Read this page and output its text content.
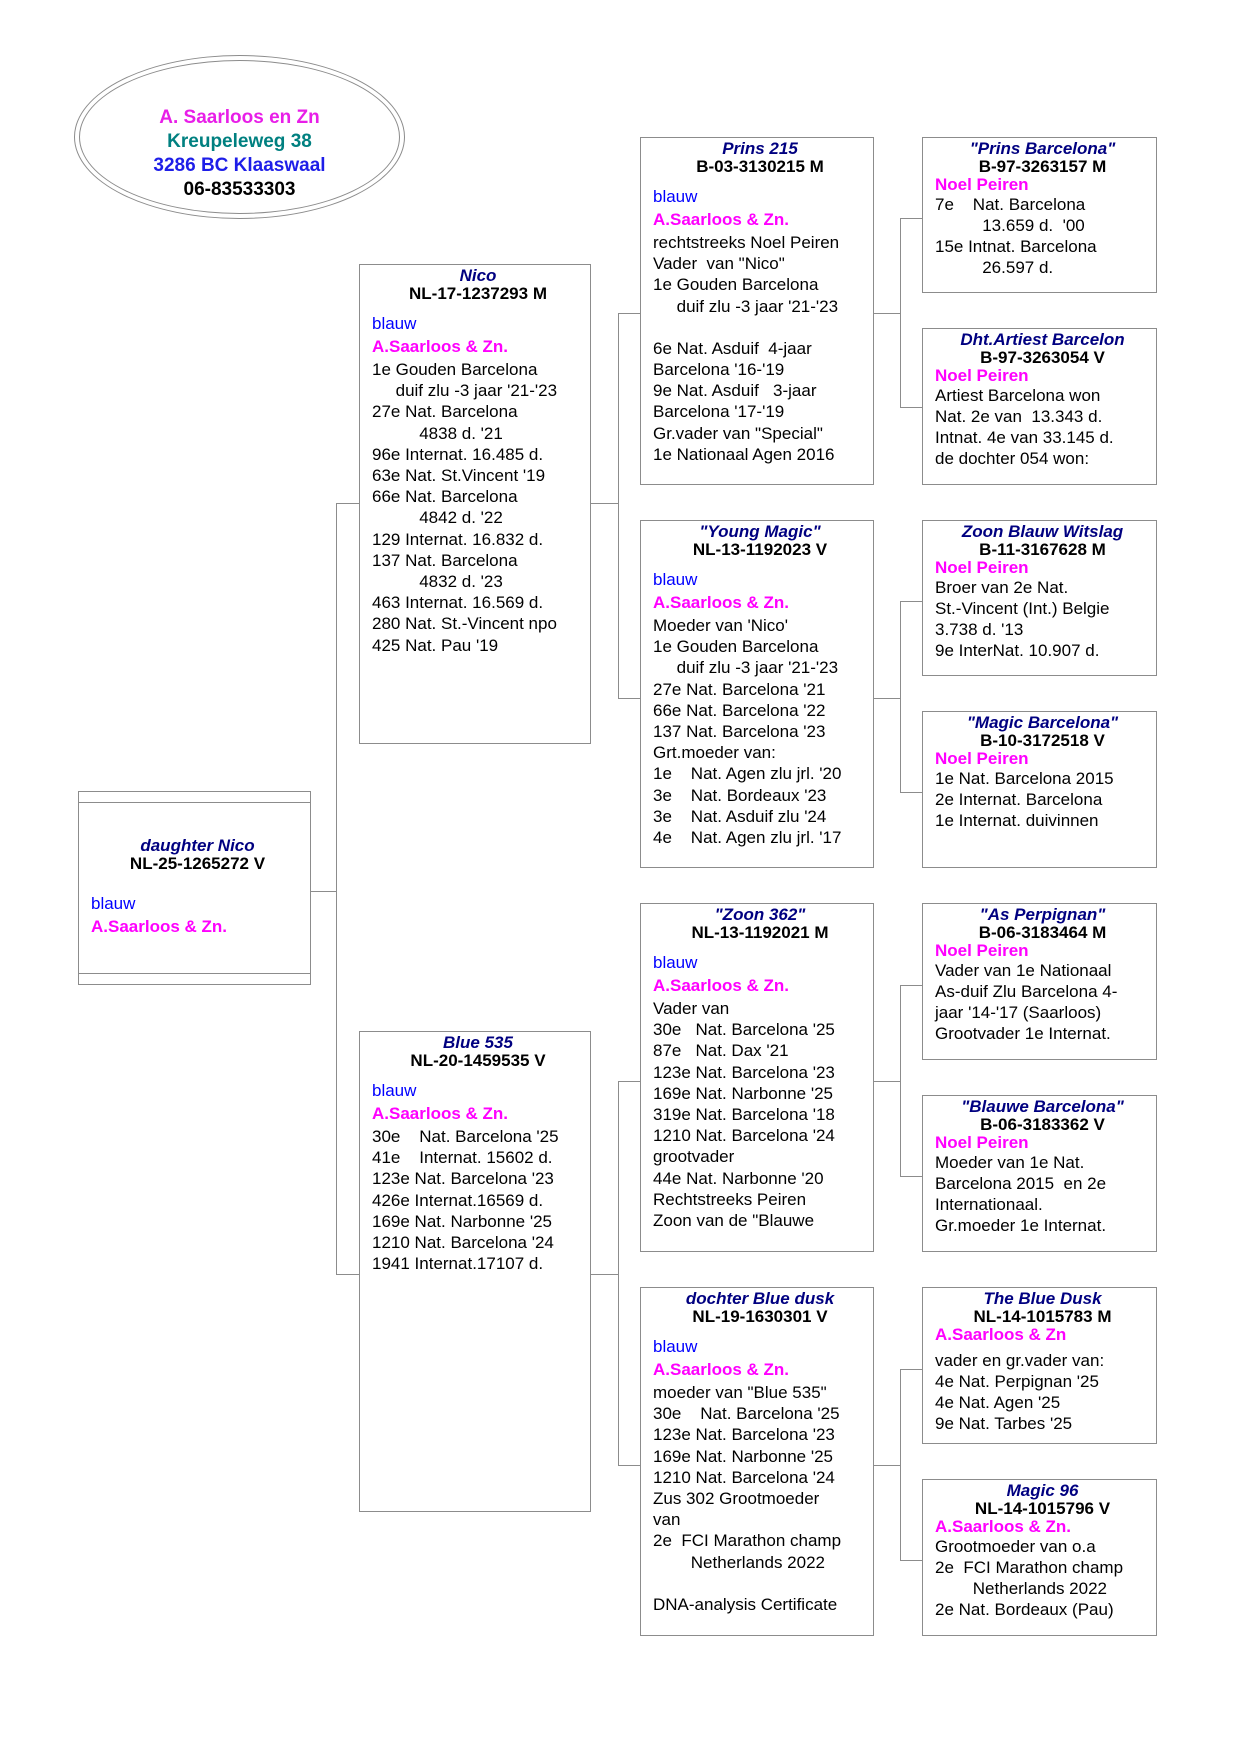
A. Saarloos en Zn
Kreupeleweg 38
3286 BC Klaaswaal
06-83533303
daughter Nico
NL-25-1265272 V
blauw
A.Saarloos & Zn.
Nico
NL-17-1237293 M
blauw
A.Saarloos & Zn.
1e Gouden Barcelona
duif zlu -3 jaar '21-'23
27e Nat. Barcelona
4838 d. '21
96e Internat. 16.485 d.
63e Nat. St.Vincent '19
66e Nat. Barcelona
4842 d. '22
129 Internat. 16.832 d.
137 Nat. Barcelona
4832 d. '23
463 Internat. 16.569 d.
280 Nat. St.-Vincent npo
425 Nat. Pau '19
Blue 535
NL-20-1459535 V
blauw
A.Saarloos & Zn.
30e    Nat. Barcelona '25
41e    Internat. 15602 d.
123e Nat. Barcelona '23
426e Internat.16569 d.
169e Nat. Narbonne '25
1210 Nat. Barcelona '24
1941 Internat.17107 d.
Prins 215
B-03-3130215 M
blauw
A.Saarloos & Zn.
rechtstreeks Noel Peiren
Vader  van "Nico"
1e Gouden Barcelona
duif zlu -3 jaar '21-'23
6e Nat. Asduif  4-jaar
Barcelona '16-'19
9e Nat. Asduif   3-jaar
Barcelona '17-'19
Gr.vader van "Special"
1e Nationaal Agen 2016
"Young Magic"
NL-13-1192023 V
blauw
A.Saarloos & Zn.
Moeder van 'Nico'
1e Gouden Barcelona
duif zlu -3 jaar '21-'23
27e Nat. Barcelona '21
66e Nat. Barcelona '22
137 Nat. Barcelona '23
Grt.moeder van:
1e    Nat. Agen zlu jrl. '20
3e    Nat. Bordeaux '23
3e    Nat. Asduif zlu '24
4e    Nat. Agen zlu jrl. '17
"Zoon 362"
NL-13-1192021 M
blauw
A.Saarloos & Zn.
Vader van
30e   Nat. Barcelona '25
87e   Nat. Dax '21
123e Nat. Barcelona '23
169e Nat. Narbonne '25
319e Nat. Barcelona '18
1210 Nat. Barcelona '24
grootvader
44e Nat. Narbonne '20
Rechtstreeks Peiren
Zoon van de "Blauwe
dochter Blue dusk
NL-19-1630301 V
blauw
A.Saarloos & Zn.
moeder van "Blue 535"
30e    Nat. Barcelona '25
123e Nat. Barcelona '23
169e Nat. Narbonne '25
1210 Nat. Barcelona '24
Zus 302 Grootmoeder
van
2e  FCI Marathon champ
Netherlands 2022
DNA-analysis Certificate
"Prins Barcelona"
B-97-3263157 M
Noel Peiren
7e    Nat. Barcelona
13.659 d.  '00
15e Intnat. Barcelona
26.597 d.
Dht.Artiest Barcelon
B-97-3263054 V
Noel Peiren
Artiest Barcelona won
Nat. 2e van  13.343 d.
Intnat. 4e van 33.145 d.
de dochter 054 won:
Zoon Blauw Witslag
B-11-3167628 M
Noel Peiren
Broer van 2e Nat.
St.-Vincent (Int.) Belgie
3.738 d. '13
9e InterNat. 10.907 d.
"Magic Barcelona"
B-10-3172518 V
Noel Peiren
1e Nat. Barcelona 2015
2e Internat. Barcelona
1e Internat. duivinnen
"As Perpignan"
B-06-3183464 M
Noel Peiren
Vader van 1e Nationaal
As-duif Zlu Barcelona 4-
jaar '14-'17 (Saarloos)
Grootvader 1e Internat.
"Blauwe Barcelona"
B-06-3183362 V
Noel Peiren
Moeder van 1e Nat.
Barcelona 2015  en 2e
Internationaal.
Gr.moeder 1e Internat.
The Blue Dusk
NL-14-1015783 M
A.Saarloos & Zn
vader en gr.vader van:
4e Nat. Perpignan '25
4e Nat. Agen '25
9e Nat. Tarbes '25
Magic 96
NL-14-1015796 V
A.Saarloos & Zn.
Grootmoeder van o.a
2e  FCI Marathon champ
Netherlands 2022
2e Nat. Bordeaux (Pau)
